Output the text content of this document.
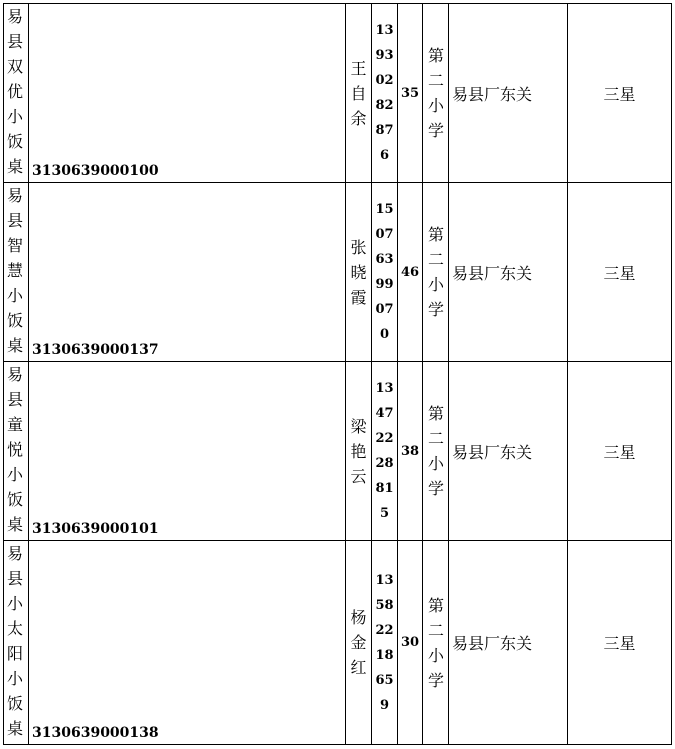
易县双优小饭桌	3130639000100	王自余	13930282876	35	第二小学	易县厂东关	三星
易县智慧小饭桌	3130639000137	张晓霞	15076399070	46	第二小学	易县厂东关	三星
易县童悦小饭桌	3130639000101	梁艳云	13472228815	38	第二小学	易县厂东关	三星
易县小太阳小饭桌	3130639000138	杨金红	13582218659	30	第二小学	易县厂东关	三星
